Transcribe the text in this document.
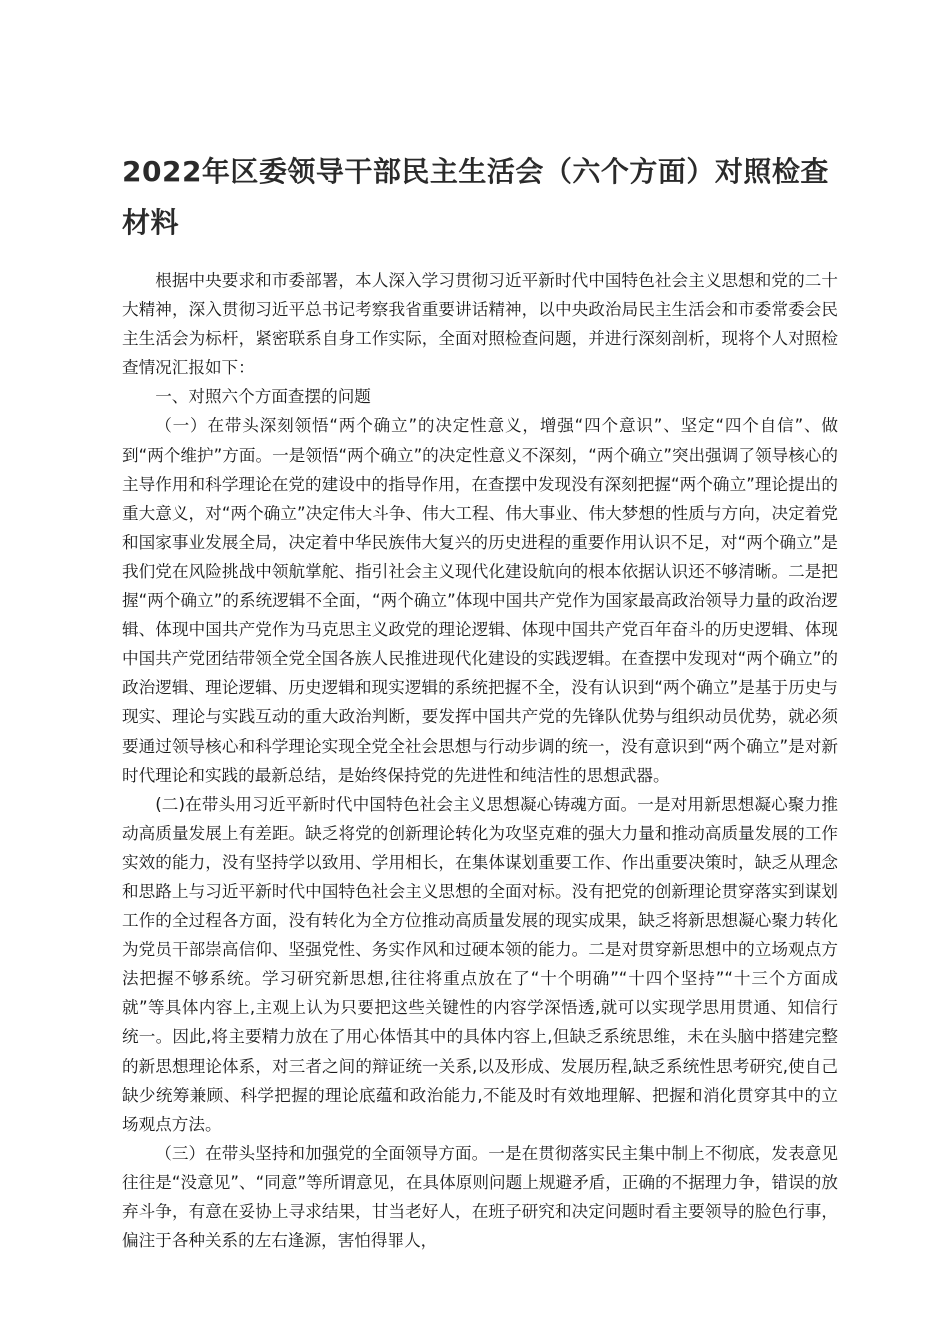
2022年区委领导干部民主生活会（六个方面）对照检查材料

根据中央要求和市委部署，本人深入学习贯彻习近平新时代中国特色社会主义思想和党的二十大精神，深入贯彻习近平总书记考察我省重要讲话精神，以中央政治局民主生活会和市委常委会民主生活会为标杆，紧密联系自身工作实际，全面对照检查问题，并进行深刻剖析，现将个人对照检查情况汇报如下：

一、对照六个方面查摆的问题

（一）在带头深刻领悟“两个确立”的决定性意义，增强“四个意识”、坚定“四个自信”、做到“两个维护”方面。一是领悟“两个确立”的决定性意义不深刻，“两个确立”突出强调了领导核心的主导作用和科学理论在党的建设中的指导作用，在查摆中发现没有深刻把握“两个确立”理论提出的重大意义，对“两个确立”决定伟大斗争、伟大工程、伟大事业、伟大梦想的性质与方向，决定着党和国家事业发展全局，决定着中华民族伟大复兴的历史进程的重要作用认识不足，对“两个确立”是我们党在风险挑战中领航掌舵、指引社会主义现代化建设航向的根本依据认识还不够清晰。二是把握“两个确立”的系统逻辑不全面，“两个确立”体现中国共产党作为国家最高政治领导力量的政治逻辑、体现中国共产党作为马克思主义政党的理论逻辑、体现中国共产党百年奋斗的历史逻辑、体现中国共产党团结带领全党全国各族人民推进现代化建设的实践逻辑。在查摆中发现对“两个确立”的政治逻辑、理论逻辑、历史逻辑和现实逻辑的系统把握不全，没有认识到“两个确立”是基于历史与现实、理论与实践互动的重大政治判断，要发挥中国共产党的先锋队优势与组织动员优势，就必须要通过领导核心和科学理论实现全党全社会思想与行动步调的统一，没有意识到“两个确立”是对新时代理论和实践的最新总结，是始终保持党的先进性和纯洁性的思想武器。

(二)在带头用习近平新时代中国特色社会主义思想凝心铸魂方面。一是对用新思想凝心聚力推动高质量发展上有差距。缺乏将党的创新理论转化为攻坚克难的强大力量和推动高质量发展的工作实效的能力，没有坚持学以致用、学用相长，在集体谋划重要工作、作出重要决策时，缺乏从理念和思路上与习近平新时代中国特色社会主义思想的全面对标。没有把党的创新理论贯穿落实到谋划工作的全过程各方面，没有转化为全方位推动高质量发展的现实成果，缺乏将新思想凝心聚力转化为党员干部崇高信仰、坚强党性、务实作风和过硬本领的能力。二是对贯穿新思想中的立场观点方法把握不够系统。学习研究新思想,往往将重点放在了“十个明确”“十四个坚持”“十三个方面成就”等具体内容上,主观上认为只要把这些关键性的内容学深悟透,就可以实现学思用贯通、知信行统一。因此,将主要精力放在了用心体悟其中的具体内容上,但缺乏系统思维，未在头脑中搭建完整的新思想理论体系，对三者之间的辩证统一关系,以及形成、发展历程,缺乏系统性思考研究,使自己缺少统筹兼顾、科学把握的理论底蕴和政治能力,不能及时有效地理解、把握和消化贯穿其中的立场观点方法。

（三）在带头坚持和加强党的全面领导方面。一是在贯彻落实民主集中制上不彻底，发表意见往往是“没意见”、“同意”等所谓意见，在具体原则问题上规避矛盾，正确的不据理力争，错误的放弃斗争，有意在妥协上寻求结果，甘当老好人，在班子研究和决定问题时看主要领导的脸色行事，偏注于各种关系的左右逢源，害怕得罪人，
